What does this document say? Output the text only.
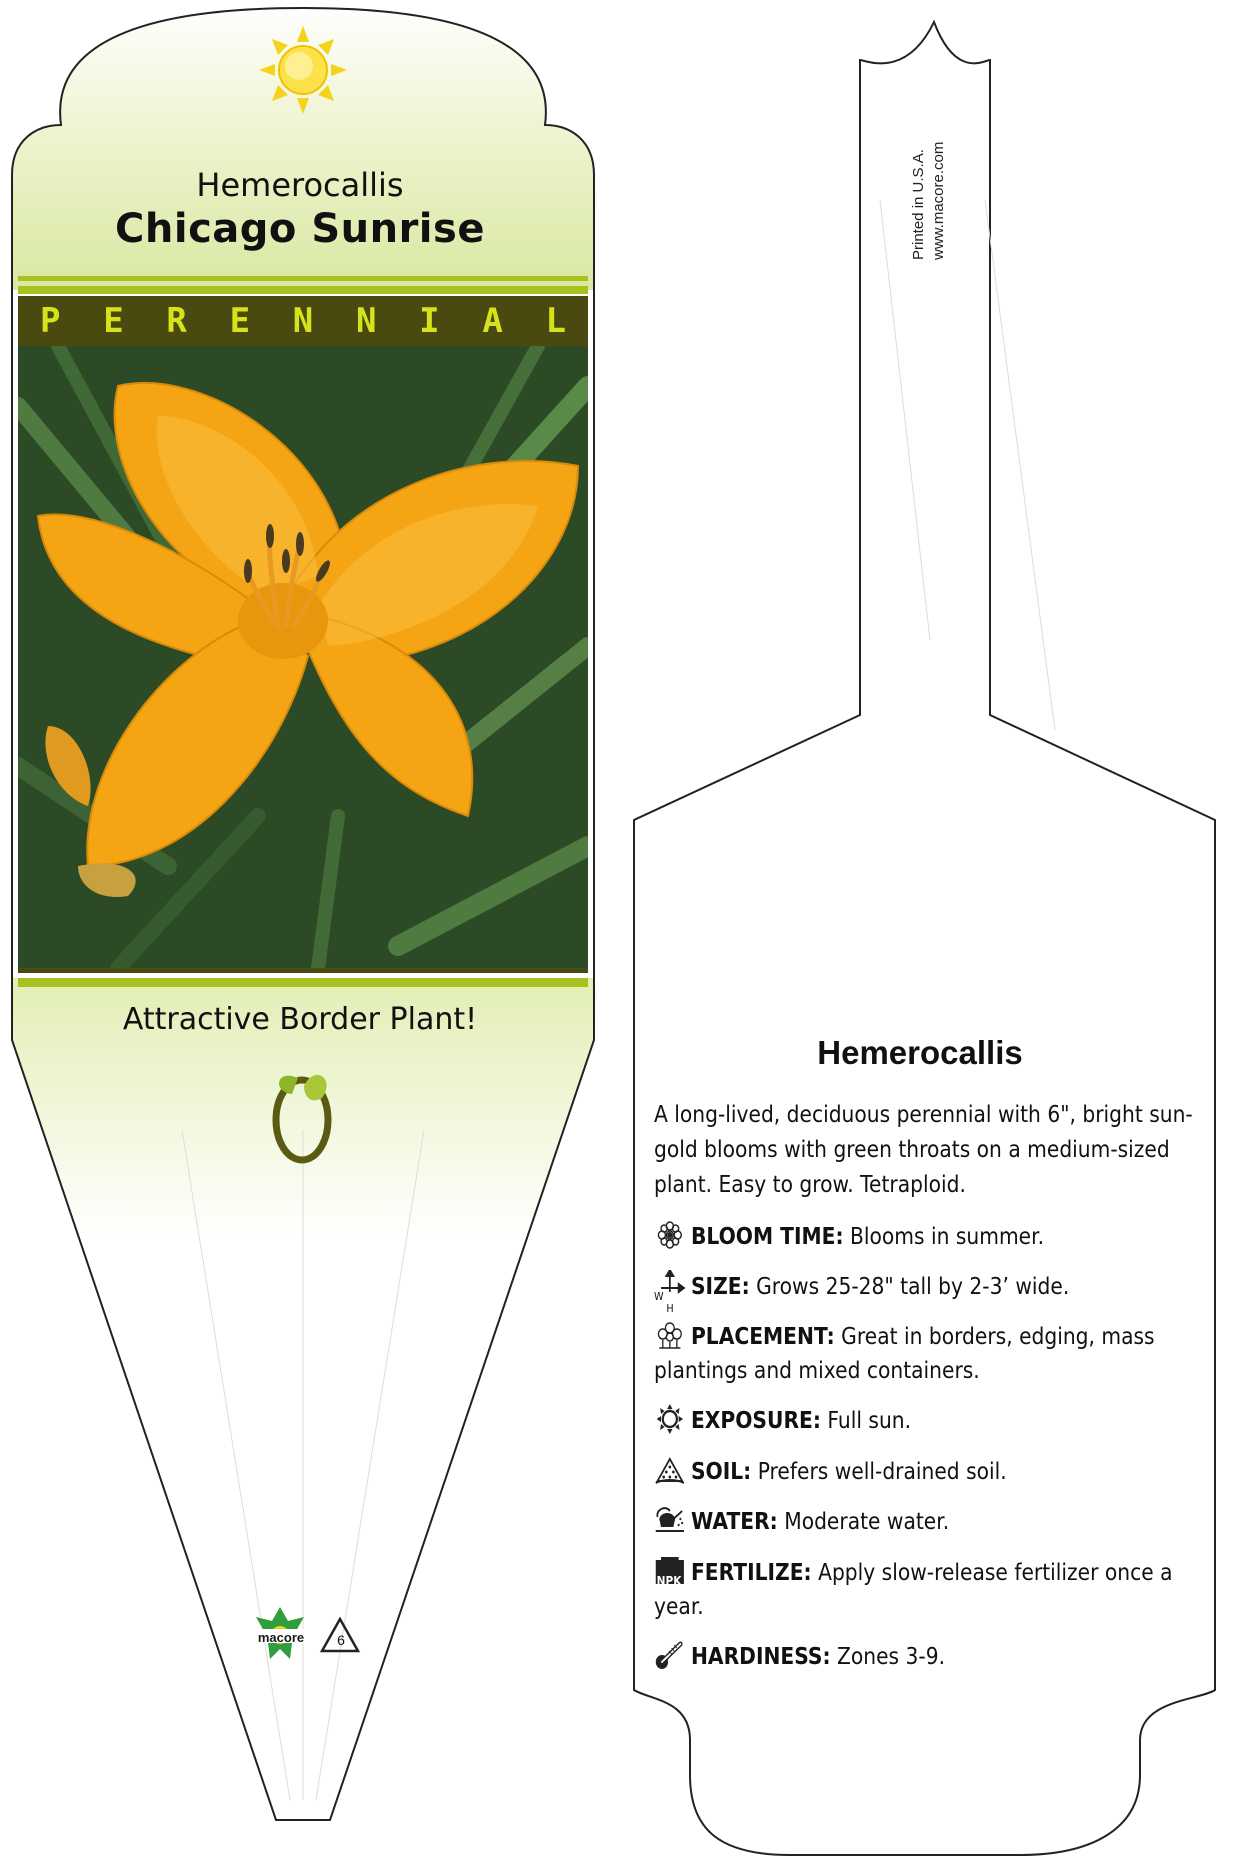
Hemerocallis
Chicago Sunrise
P E R E N N I A L
Attractive Border Plant!
macore	6
Printed in U.S.A. www.macore.com
Hemerocallis
A long-lived, deciduous perennial with 6", bright sun-gold blooms with green throats on a medium-sized plant. Easy to grow. Tetraploid.
BLOOM TIME: Blooms in summer.
W
H
SIZE: Grows 25-28" tall by 2-3’ wide.
PLACEMENT: Great in borders, edging, mass plantings and mixed containers.
EXPOSURE: Full sun.
SOIL: Prefers well-drained soil.
WATER: Moderate water.
NPK FERTILIZE: Apply slow-release fertilizer once a year.
HARDINESS: Zones 3-9.
